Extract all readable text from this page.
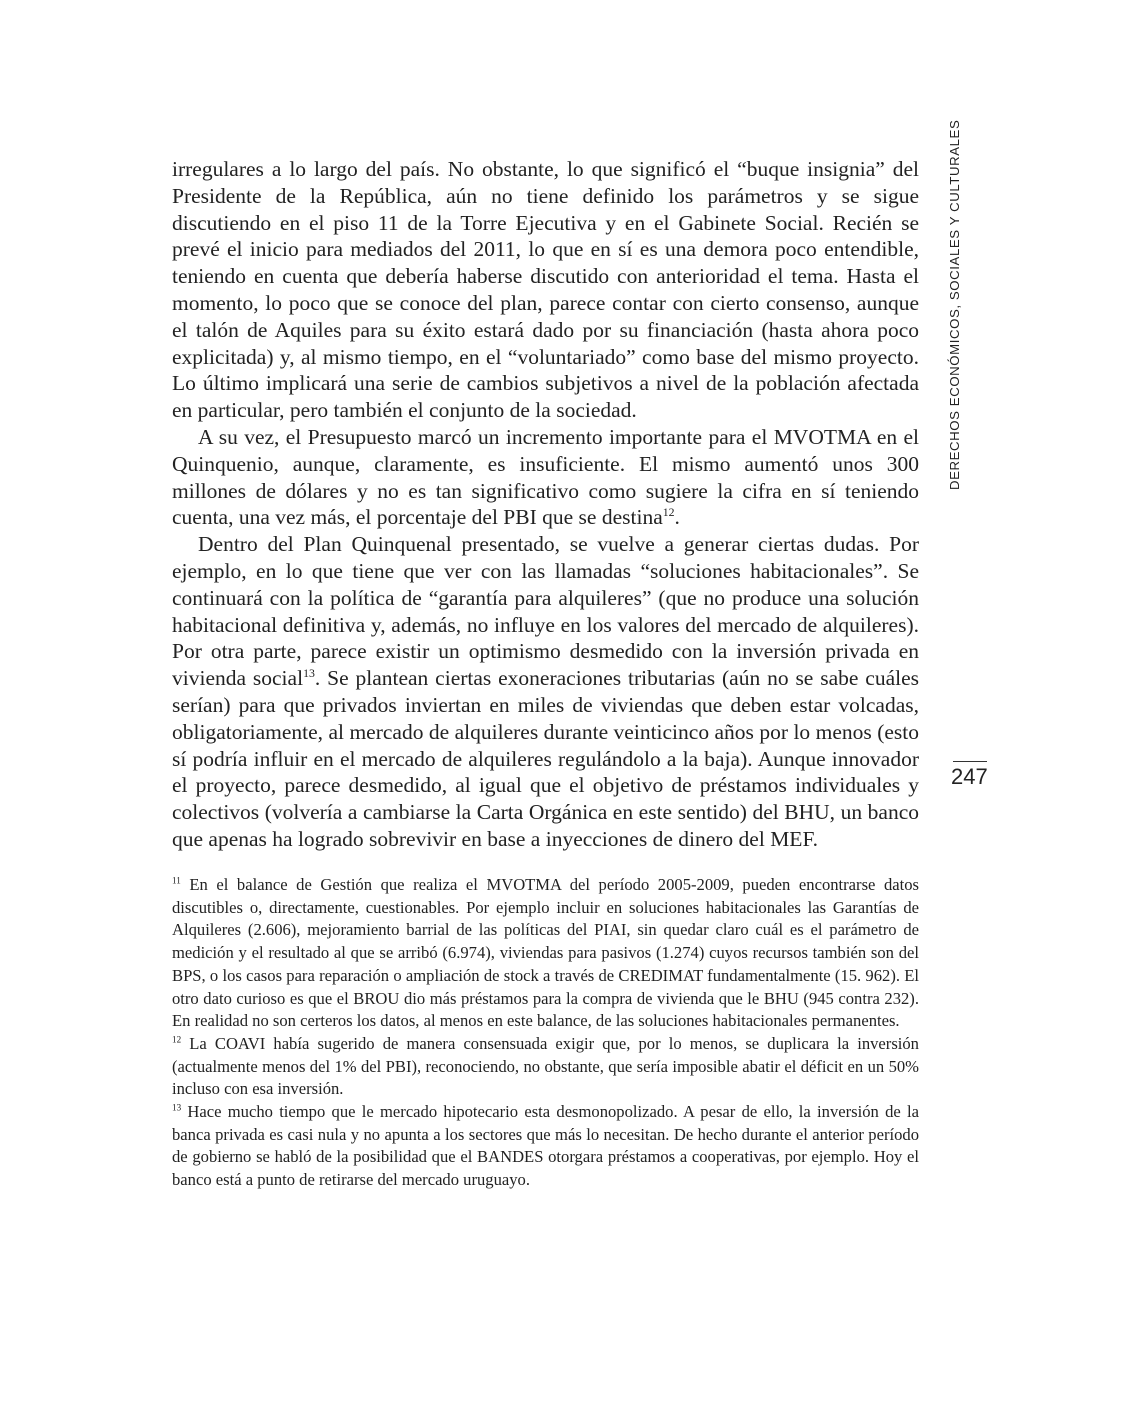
DERECHOS ECONÓMICOS, SOCIALES Y CULTURALES

irregulares a lo largo del país. No obstante, lo que significó el “buque insignia” del Presidente de la República, aún no tiene definido los parámetros y se sigue discutiendo en el piso 11 de la Torre Ejecutiva y en el Gabinete Social. Recién se prevé el inicio para mediados del 2011, lo que en sí es una demora poco entendible, teniendo en cuenta que debería haberse discutido con anterioridad el tema. Hasta el momento, lo poco que se conoce del plan, parece contar con cierto consenso, aunque el talón de Aquiles para su éxito estará dado por su financiación (hasta ahora poco explicitada) y, al mismo tiempo, en el “voluntariado” como base del mismo proyecto. Lo último implicará una serie de cambios subjetivos a nivel de la población afectada en particular, pero también el conjunto de la sociedad.

A su vez, el Presupuesto marcó un incremento importante para el MVOTMA en el Quinquenio, aunque, claramente, es insuficiente. El mismo aumentó unos 300 millones de dólares y no es tan significativo como sugiere la cifra en sí teniendo cuenta, una vez más, el porcentaje del PBI que se destina$^{12}$.

Dentro del Plan Quinquenal presentado, se vuelve a generar ciertas dudas. Por ejemplo, en lo que tiene que ver con las llamadas “soluciones habitacionales”. Se continuará con la política de “garantía para alquileres” (que no produce una solución habitacional definitiva y, además, no influye en los valores del mercado de alquileres). Por otra parte, parece existir un optimismo desmedido con la inversión privada en vivienda social$^{13}$. Se plantean ciertas exoneraciones tributarias (aún no se sabe cuáles serían) para que privados inviertan en miles de viviendas que deben estar volcadas, obligatoriamente, al mercado de alquileres durante veinticinco años por lo menos (esto sí podría influir en el mercado de alquileres regulándolo a la baja). Aunque innovador el proyecto, parece desmedido, al igual que el objetivo de préstamos individuales y colectivos (volvería a cambiarse la Carta Orgánica en este sentido) del BHU, un banco que apenas ha logrado sobrevivir en base a inyecciones de dinero del MEF.

247

$^{11}$ En el balance de Gestión que realiza el MVOTMA del período 2005-2009, pueden encontrarse datos discutibles o, directamente, cuestionables. Por ejemplo incluir en soluciones habitacionales las Garantías de Alquileres (2.606), mejoramiento barrial de las políticas del PIAI, sin quedar claro cuál es el parámetro de medición y el resultado al que se arribó (6.974), viviendas para pasivos (1.274) cuyos recursos también son del BPS, o los casos para reparación o ampliación de stock a través de CREDIMAT fundamentalmente (15. 962). El otro dato curioso es que el BROU dio más préstamos para la compra de vivienda que le BHU (945 contra 232). En realidad no son certeros los datos, al menos en este balance, de las soluciones habitacionales permanentes.

$^{12}$ La COAVI había sugerido de manera consensuada exigir que, por lo menos, se duplicara la inversión (actualmente menos del 1% del PBI), reconociendo, no obstante, que sería imposible abatir el déficit en un 50% incluso con esa inversión.

$^{13}$ Hace mucho tiempo que le mercado hipotecario esta desmonopolizado. A pesar de ello, la inversión de la banca privada es casi nula y no apunta a los sectores que más lo necesitan. De hecho durante el anterior período de gobierno se habló de la posibilidad que el BANDES otorgara préstamos a cooperativas, por ejemplo. Hoy el banco está a punto de retirarse del mercado uruguayo.
